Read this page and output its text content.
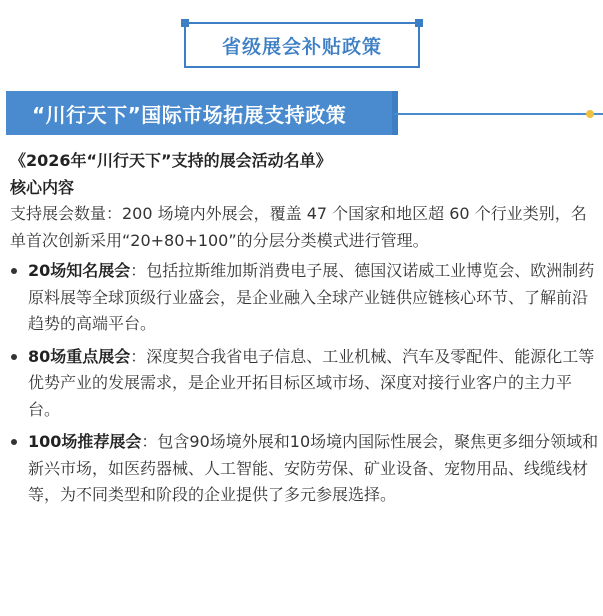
省级展会补贴政策
“川行天下”国际市场拓展支持政策
《2026年“川行天下”支持的展会活动名单》
核心内容
支持展会数量：200 场境内外展会，覆盖 47 个国家和地区超 60 个行业类别，名单首次创新采用“20+80+100”的分层分类模式进行管理。
20场知名展会：包括拉斯维加斯消费电子展、德国汉诺威工业博览会、欧洲制药原料展等全球顶级行业盛会，是企业融入全球产业链供应链核心环节、了解前沿趋势的高端平台。
80场重点展会：深度契合我省电子信息、工业机械、汽车及零配件、能源化工等优势产业的发展需求，是企业开拓目标区域市场、深度对接行业客户的主力平台。
100场推荐展会：包含90场境外展和10场境内国际性展会，聚焦更多细分领域和新兴市场，如医药器械、人工智能、安防劳保、矿业设备、宠物用品、线缆线材等，为不同类型和阶段的企业提供了多元参展选择。
